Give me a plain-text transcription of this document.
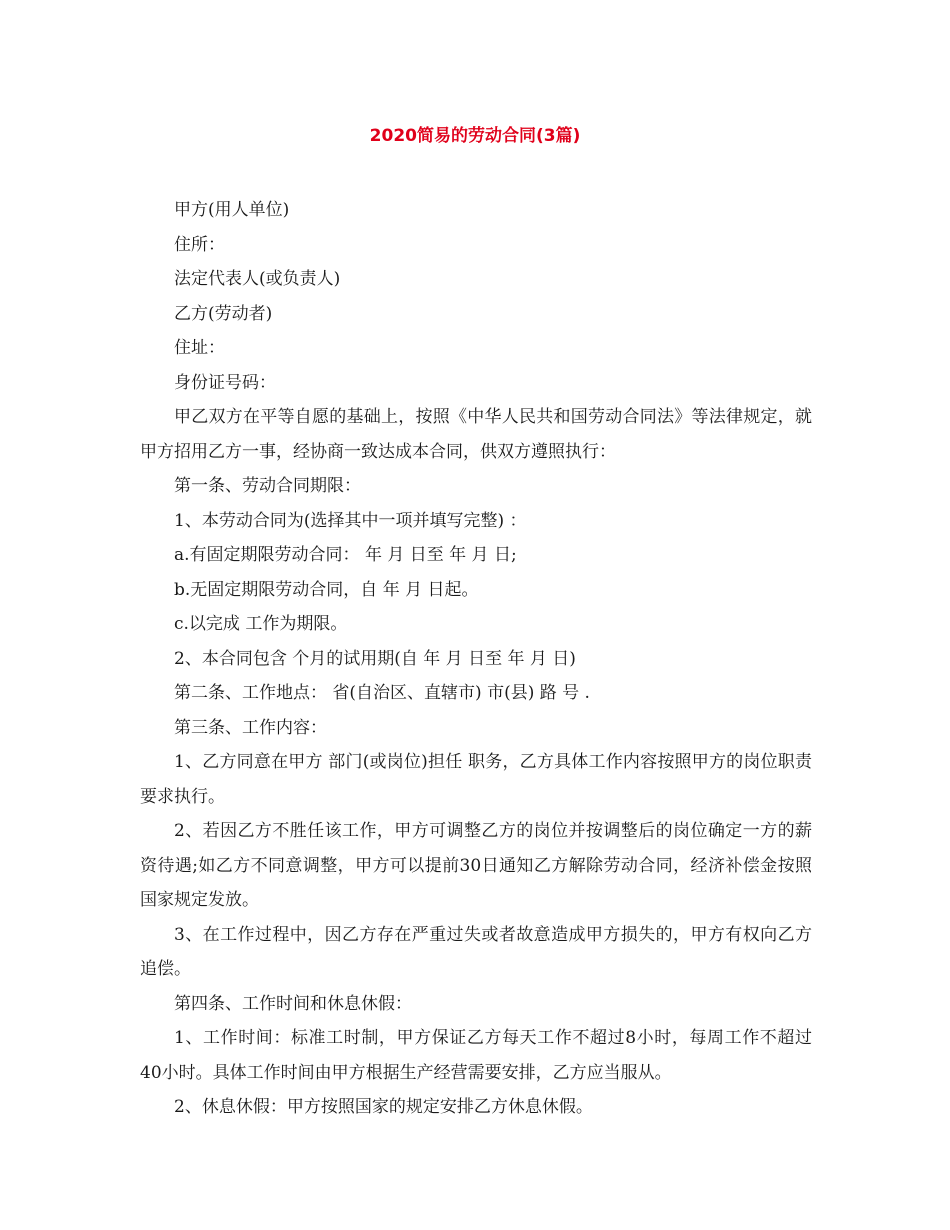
2020简易的劳动合同(3篇)

甲方(用人单位)

住所：

法定代表人(或负责人)

乙方(劳动者)

住址：

身份证号码：

甲乙双方在平等自愿的基础上，按照《中华人民共和国劳动合同法》等法律规定，就甲方招用乙方一事，经协商一致达成本合同，供双方遵照执行：

第一条、劳动合同期限：

1、本劳动合同为(选择其中一项并填写完整) ：

a.有固定期限劳动合同： 年 月 日至 年 月 日;

b.无固定期限劳动合同，自 年 月 日起。

c.以完成 工作为期限。

2、本合同包含 个月的试用期(自 年 月 日至 年 月 日)

第二条、工作地点： 省(自治区、直辖市) 市(县) 路 号 .

第三条、工作内容：

1、乙方同意在甲方 部门(或岗位)担任 职务，乙方具体工作内容按照甲方的岗位职责要求执行。

2、若因乙方不胜任该工作，甲方可调整乙方的岗位并按调整后的岗位确定一方的薪资待遇;如乙方不同意调整，甲方可以提前30日通知乙方解除劳动合同，经济补偿金按照国家规定发放。

3、在工作过程中，因乙方存在严重过失或者故意造成甲方损失的，甲方有权向乙方追偿。

第四条、工作时间和休息休假：

1、工作时间：标准工时制，甲方保证乙方每天工作不超过8小时，每周工作不超过40小时。具体工作时间由甲方根据生产经营需要安排，乙方应当服从。

2、休息休假：甲方按照国家的规定安排乙方休息休假。
